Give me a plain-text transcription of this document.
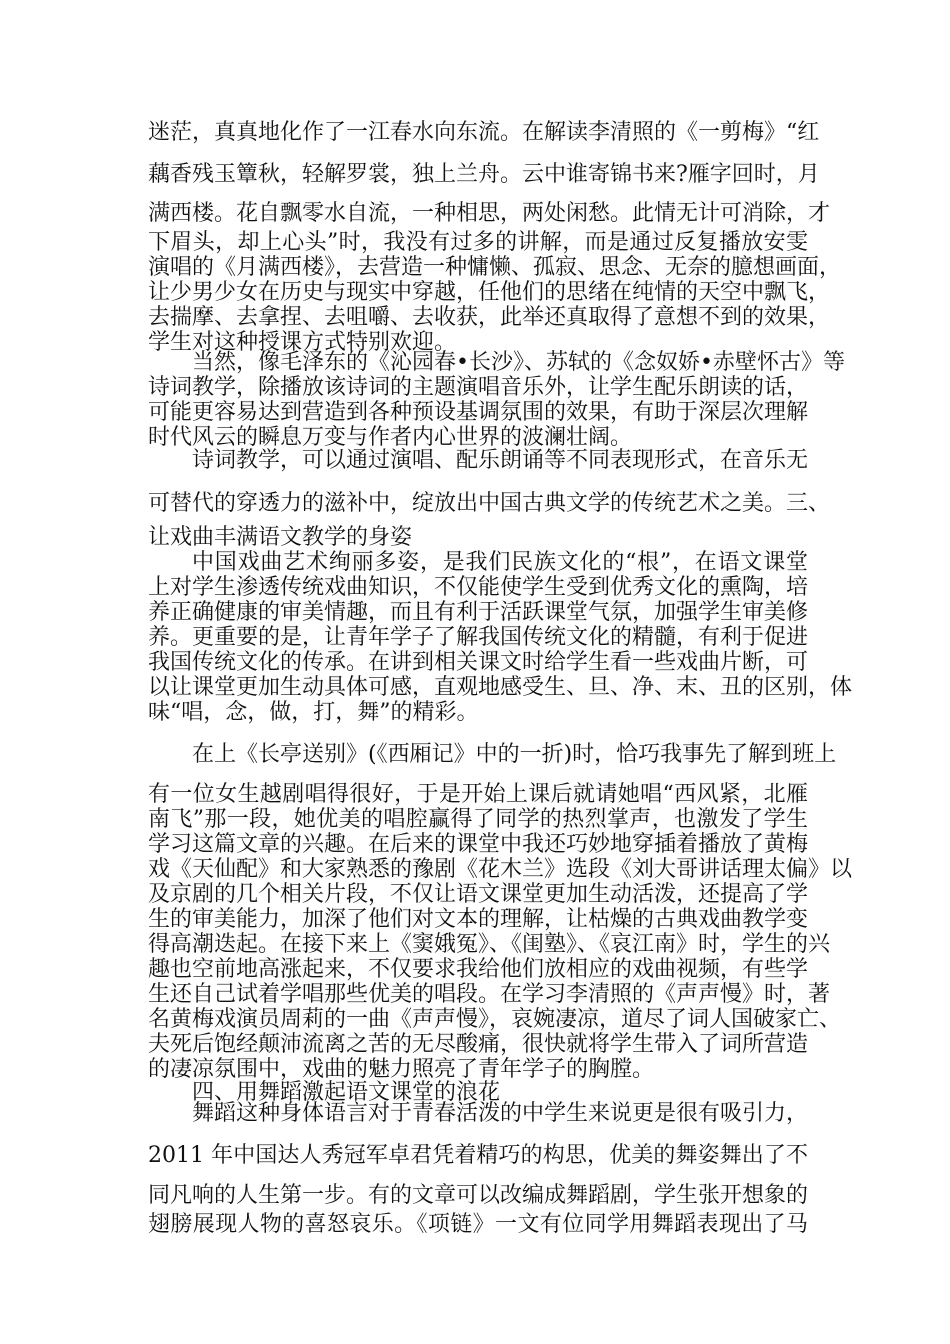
迷茫，真真地化作了一江春水向东流。在解读李清照的《一剪梅》“红
藕香残玉簟秋，轻解罗裳，独上兰舟。云中谁寄锦书来?雁字回时，月
满西楼。花自飘零水自流，一种相思，两处闲愁。此情无计可消除，才
下眉头，却上心头”时，我没有过多的讲解，而是通过反复播放安雯
演唱的《月满西楼》，去营造一种慵懒、孤寂、思念、无奈的臆想画面，
让少男少女在历史与现实中穿越，任他们的思绪在纯情的天空中飘飞，
去揣摩、去拿捏、去咀嚼、去收获，此举还真取得了意想不到的效果，
学生对这种授课方式特别欢迎。
当然，像毛泽东的《沁园春•长沙》、苏轼的《念奴娇•赤壁怀古》等
诗词教学，除播放该诗词的主题演唱音乐外，让学生配乐朗读的话，
可能更容易达到营造到各种预设基调氛围的效果，有助于深层次理解
时代风云的瞬息万变与作者内心世界的波澜壮阔。
诗词教学，可以通过演唱、配乐朗诵等不同表现形式，在音乐无
可替代的穿透力的滋补中，绽放出中国古典文学的传统艺术之美。三、
让戏曲丰满语文教学的身姿
中国戏曲艺术绚丽多姿，是我们民族文化的“根”，在语文课堂
上对学生渗透传统戏曲知识，不仅能使学生受到优秀文化的熏陶，培
养正确健康的审美情趣，而且有利于活跃课堂气氛，加强学生审美修
养。更重要的是，让青年学子了解我国传统文化的精髓，有利于促进
我国传统文化的传承。在讲到相关课文时给学生看一些戏曲片断，可
以让课堂更加生动具体可感，直观地感受生、旦、净、末、丑的区别，体
味“唱，念，做，打，舞”的精彩。
在上《长亭送别》(《西厢记》中的一折)时，恰巧我事先了解到班上
有一位女生越剧唱得很好，于是开始上课后就请她唱“西风紧，北雁
南飞”那一段，她优美的唱腔赢得了同学的热烈掌声，也激发了学生
学习这篇文章的兴趣。在后来的课堂中我还巧妙地穿插着播放了黄梅
戏《天仙配》和大家熟悉的豫剧《花木兰》选段《刘大哥讲话理太偏》以
及京剧的几个相关片段，不仅让语文课堂更加生动活泼，还提高了学
生的审美能力，加深了他们对文本的理解，让枯燥的古典戏曲教学变
得高潮迭起。在接下来上《窦娥冤》、《闺塾》、《哀江南》时，学生的兴
趣也空前地高涨起来，不仅要求我给他们放相应的戏曲视频，有些学
生还自己试着学唱那些优美的唱段。在学习李清照的《声声慢》时，著
名黄梅戏演员周莉的一曲《声声慢》，哀婉凄凉，道尽了词人国破家亡、
夫死后饱经颠沛流离之苦的无尽酸痛，很快就将学生带入了词所营造
的凄凉氛围中，戏曲的魅力照亮了青年学子的胸膛。
四、用舞蹈激起语文课堂的浪花
舞蹈这种身体语言对于青春活泼的中学生来说更是很有吸引力，
2011 年中国达人秀冠军卓君凭着精巧的构思，优美的舞姿舞出了不
同凡响的人生第一步。有的文章可以改编成舞蹈剧，学生张开想象的
翅膀展现人物的喜怒哀乐。《项链》一文有位同学用舞蹈表现出了马
